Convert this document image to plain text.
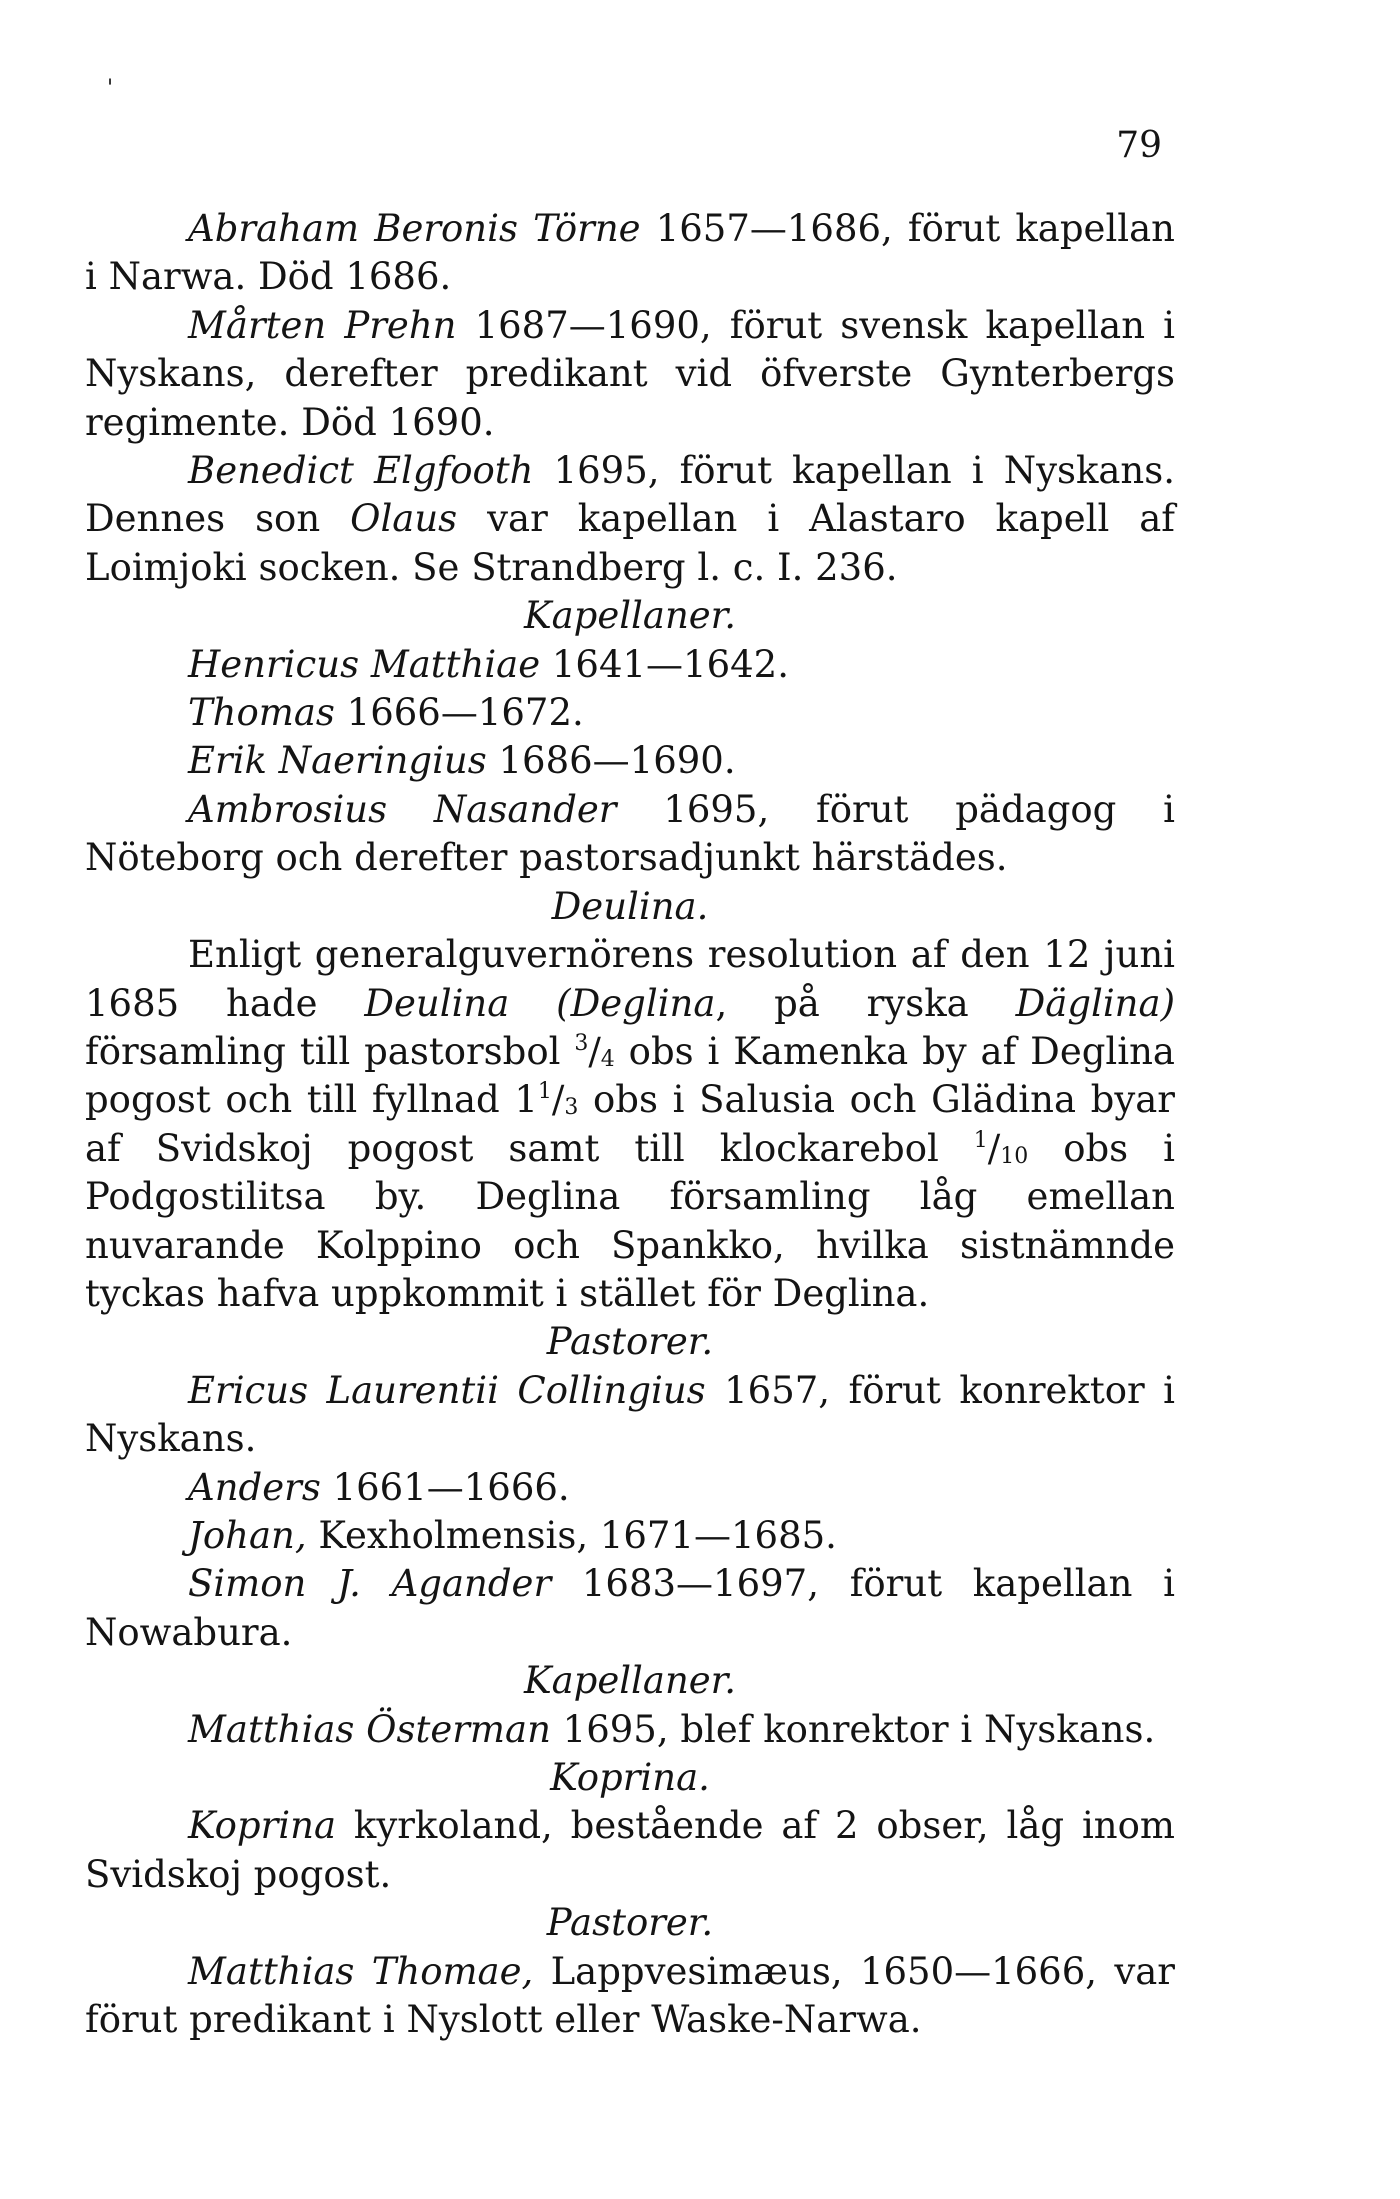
'
79

Abraham Beronis Törne 1657—1686, förut kapellan i Narwa. Död 1686.

Mårten Prehn 1687—1690, förut svensk kapellan i Nyskans, derefter predikant vid öfverste Gynterbergs regimente. Död 1690.

Benedict Elgfooth 1695, förut kapellan i Nyskans. Dennes son Olaus var kapellan i Alastaro kapell af Loimjoki socken. Se Strandberg l. c. I. 236.

Kapellaner.

Henricus Matthiae 1641—1642.
Thomas 1666—1672.
Erik Naeringius 1686—1690.

Ambrosius Nasander 1695, förut pädagog i Nöteborg och derefter pastorsadjunkt härstädes.

Deulina.

Enligt generalguvernörens resolution af den 12 juni 1685 hade Deulina (Deglina, på ryska Däglina) församling till pastorsbol $^3/_4$ obs i Kamenka by af Deglina pogost och till fyllnad $1^1/_3$ obs i Salusia och Glädina byar af Svidskoj pogost samt till klockarebol $^1/_{10}$ obs i Podgostilitsa by. Deglina församling låg emellan nuvarande Kolppino och Spankko, hvilka sistnämnde tyckas hafva uppkommit i stället för Deglina.

Pastorer.

Ericus Laurentii Collingius 1657, förut konrektor i Nyskans.

Anders 1661—1666.
Johan, Kexholmensis, 1671—1685.

Simon J. Agander 1683—1697, förut kapellan i Nowabura.

Kapellaner.

Matthias Österman 1695, blef konrektor i Nyskans.

Koprina.

Koprina kyrkoland, bestående af 2 obser, låg inom Svidskoj pogost.

Pastorer.

Matthias Thomae, Lappvesimæus, 1650—1666, var förut predikant i Nyslott eller Waske-Narwa.
